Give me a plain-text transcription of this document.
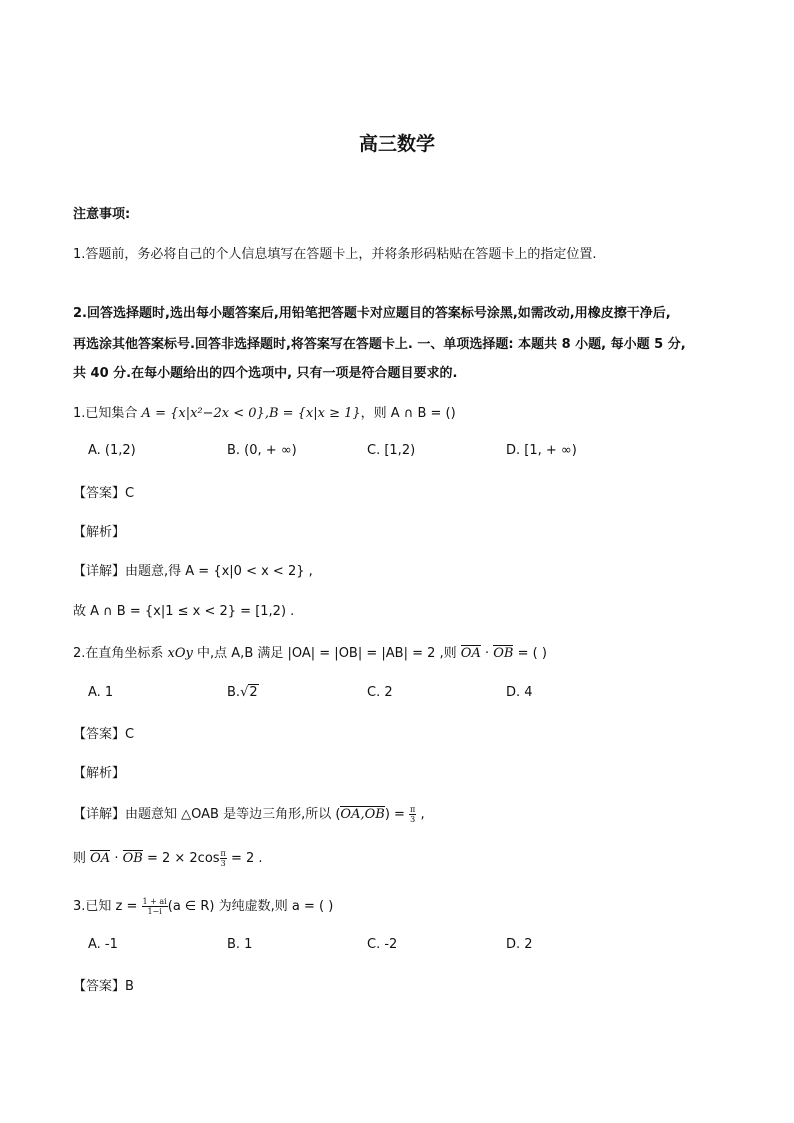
高三数学
注意事项:
1.答题前，务必将自己的个人信息填写在答题卡上，并将条形码粘贴在答题卡上的指定位置.
2.回答选择题时,选出每小题答案后,用铅笔把答题卡对应题目的答案标号涂黑,如需改动,用橡皮擦干净后,
再选涂其他答案标号.回答非选择题时,将答案写在答题卡上. 一、单项选择题: 本题共 8 小题, 每小题 5 分,
共 40 分.在每小题给出的四个选项中, 只有一项是符合题目要求的.
1.已知集合 A = {x|x²−2x < 0},B = {x|x ≥ 1}，则 A ∩ B = ()
A. (1,2)	B. (0, + ∞)	C. [1,2)	D. [1, + ∞)
【答案】C
【解析】
【详解】由题意,得 A = {x|0 < x < 2} ,
故 A ∩ B = {x|1 ≤ x < 2} = [1,2) .
2.在直角坐标系 xOy 中,点 A,B 满足 |OA| = |OB| = |AB| = 2 ,则 OA · OB = ( )
A. 1	B.√2	C. 2	D. 4
【答案】C
【解析】
【详解】由题意知 △OAB 是等边三角形,所以 $(OA,OB) = \frac{\pi}{3}$ ,
则 OA · OB = $2 \times 2\cos \frac{\pi}{3} = 2$ .
3.已知 $z = \frac{1 + ai}{1-i} (a$ ∈ R) 为纯虚数,则 a = ( )
A. -1	B. 1	C. -2	D. 2
【答案】B
